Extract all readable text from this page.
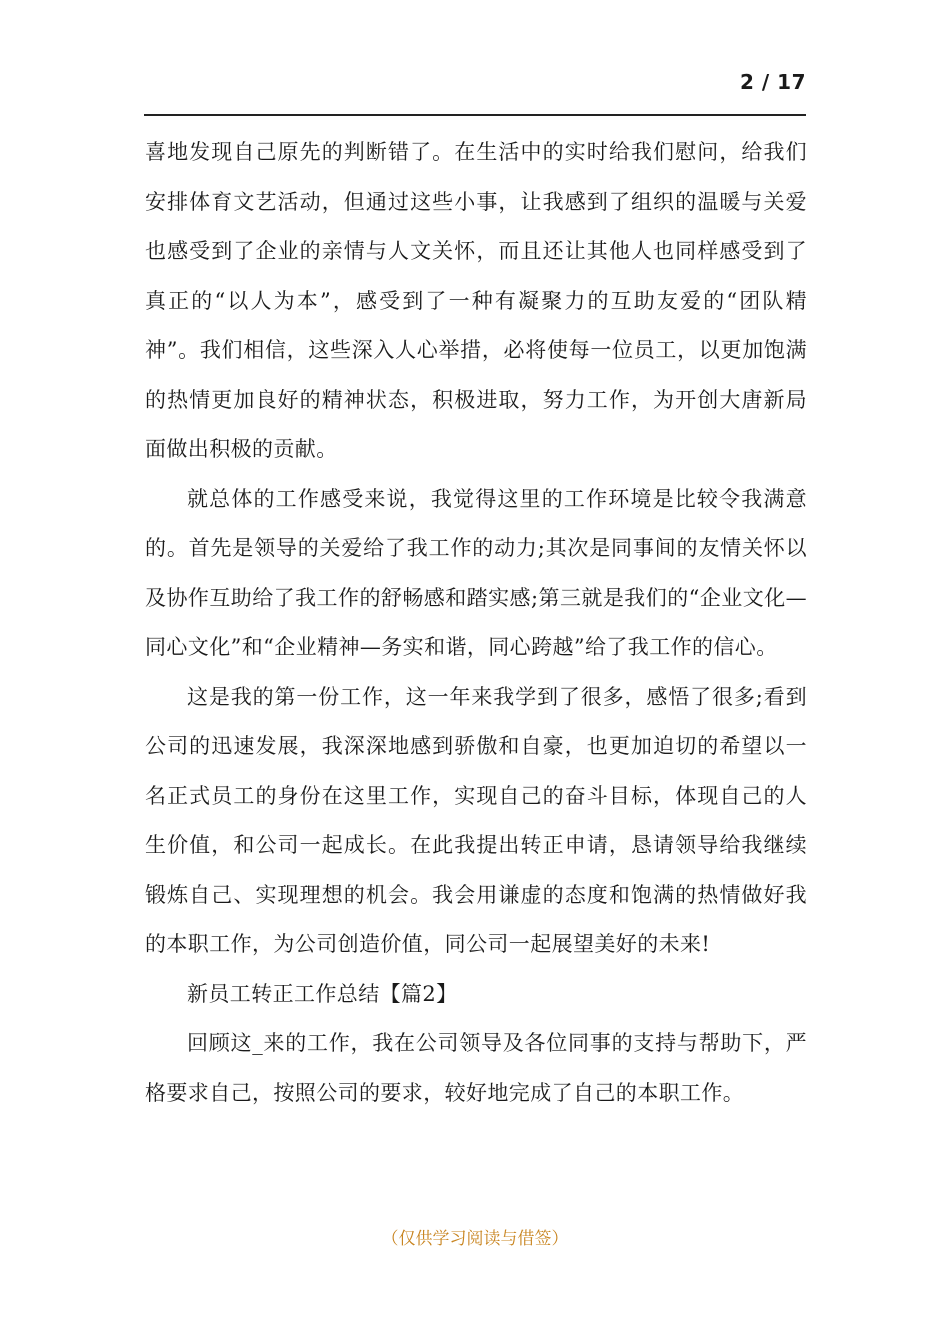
2 / 17

喜地发现自己原先的判断错了。在生活中的实时给我们慰问，给我们安排体育文艺活动，但通过这些小事，让我感到了组织的温暖与关爱也感受到了企业的亲情与人文关怀，而且还让其他人也同样感受到了真正的“以人为本”，感受到了一种有凝聚力的互助友爱的“团队精神”。我们相信，这些深入人心举措，必将使每一位员工，以更加饱满的热情更加良好的精神状态，积极进取，努力工作，为开创大唐新局面做出积极的贡献。

就总体的工作感受来说，我觉得这里的工作环境是比较令我满意的。首先是领导的关爱给了我工作的动力;其次是同事间的友情关怀以及协作互助给了我工作的舒畅感和踏实感;第三就是我们的“企业文化—同心文化”和“企业精神—务实和谐，同心跨越”给了我工作的信心。

这是我的第一份工作，这一年来我学到了很多，感悟了很多;看到公司的迅速发展，我深深地感到骄傲和自豪，也更加迫切的希望以一名正式员工的身份在这里工作，实现自己的奋斗目标，体现自己的人生价值，和公司一起成长。在此我提出转正申请，恳请领导给我继续锻炼自己、实现理想的机会。我会用谦虚的态度和饱满的热情做好我的本职工作，为公司创造价值，同公司一起展望美好的未来!

新员工转正工作总结【篇2】

回顾这_来的工作，我在公司领导及各位同事的支持与帮助下，严格要求自己，按照公司的要求，较好地完成了自己的本职工作。

（仅供学习阅读与借签）
